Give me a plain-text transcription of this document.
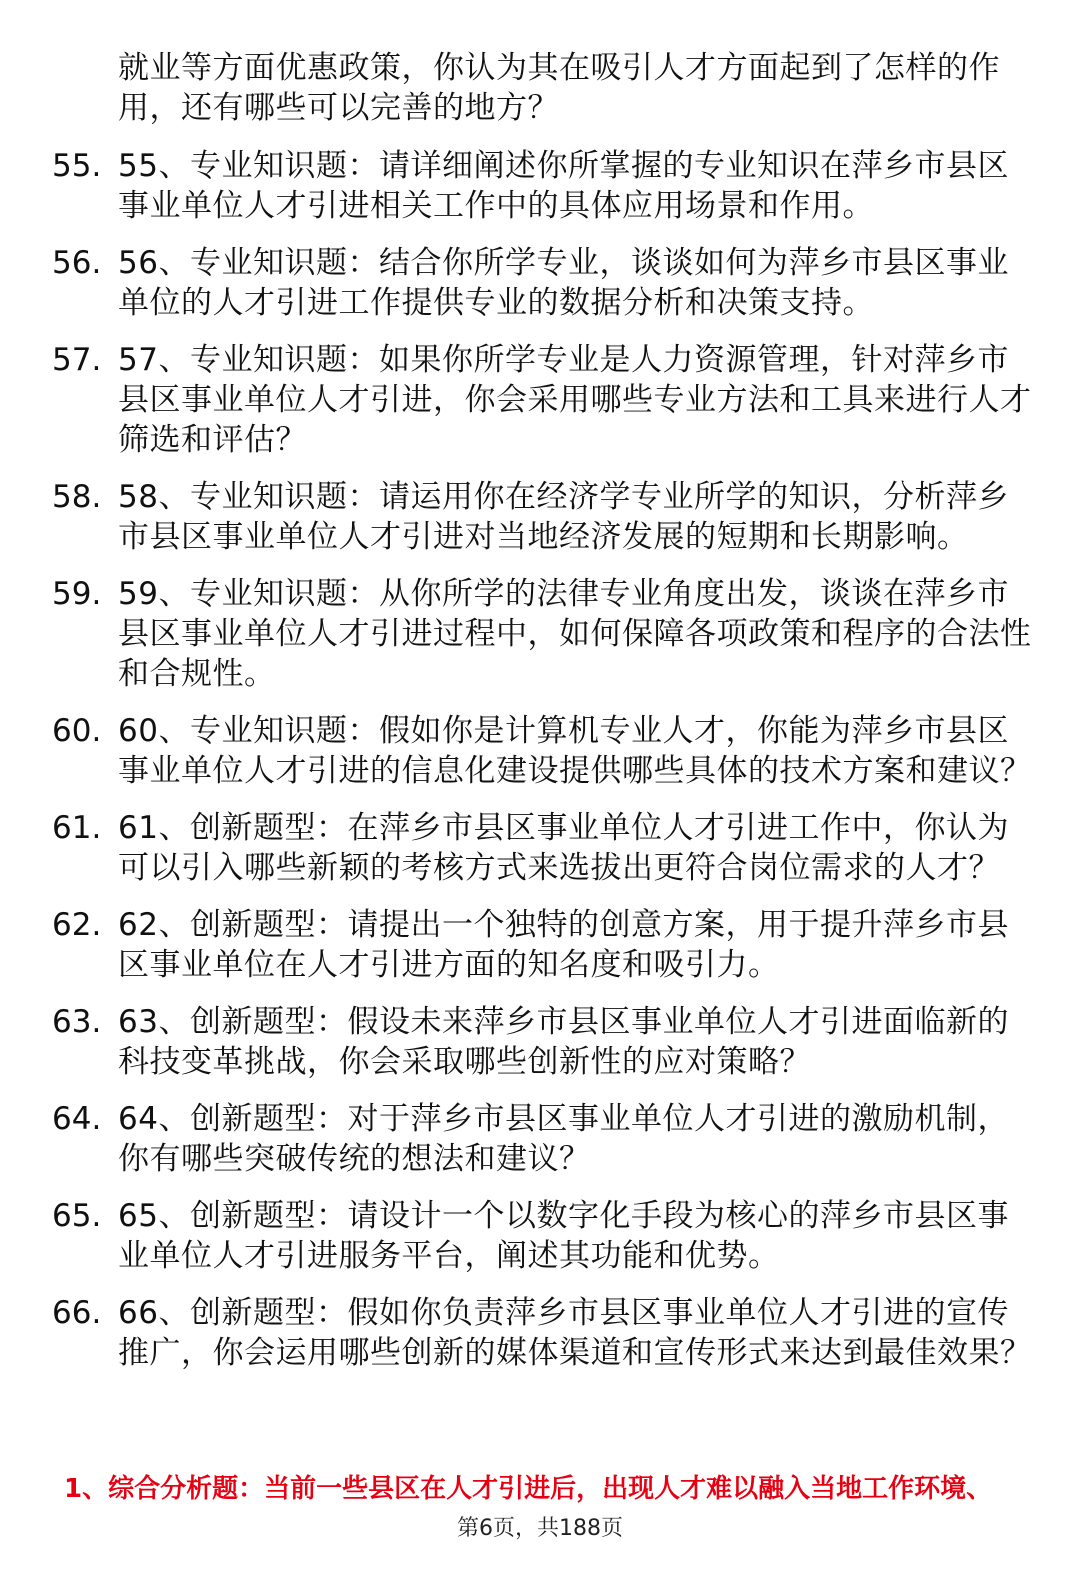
就业等方面优惠政策，你认为其在吸引人才方面起到了怎样的作用，还有哪些可以完善的地方？
55. 55、专业知识题：请详细阐述你所掌握的专业知识在萍乡市县区事业单位人才引进相关工作中的具体应用场景和作用。
56. 56、专业知识题：结合你所学专业，谈谈如何为萍乡市县区事业单位的人才引进工作提供专业的数据分析和决策支持。
57. 57、专业知识题：如果你所学专业是人力资源管理，针对萍乡市县区事业单位人才引进，你会采用哪些专业方法和工具来进行人才筛选和评估？
58. 58、专业知识题：请运用你在经济学专业所学的知识，分析萍乡市县区事业单位人才引进对当地经济发展的短期和长期影响。
59. 59、专业知识题：从你所学的法律专业角度出发，谈谈在萍乡市县区事业单位人才引进过程中，如何保障各项政策和程序的合法性和合规性。
60. 60、专业知识题：假如你是计算机专业人才，你能为萍乡市县区事业单位人才引进的信息化建设提供哪些具体的技术方案和建议？
61. 61、创新题型：在萍乡市县区事业单位人才引进工作中，你认为可以引入哪些新颖的考核方式来选拔出更符合岗位需求的人才？
62. 62、创新题型：请提出一个独特的创意方案，用于提升萍乡市县区事业单位在人才引进方面的知名度和吸引力。
63. 63、创新题型：假设未来萍乡市县区事业单位人才引进面临新的科技变革挑战，你会采取哪些创新性的应对策略？
64. 64、创新题型：对于萍乡市县区事业单位人才引进的激励机制，你有哪些突破传统的想法和建议？
65. 65、创新题型：请设计一个以数字化手段为核心的萍乡市县区事业单位人才引进服务平台，阐述其功能和优势。
66. 66、创新题型：假如你负责萍乡市县区事业单位人才引进的宣传推广，你会运用哪些创新的媒体渠道和宣传形式来达到最佳效果？
1、综合分析题：当前一些县区在人才引进后，出现人才难以融入当地工作环境、
第6页，共188页
